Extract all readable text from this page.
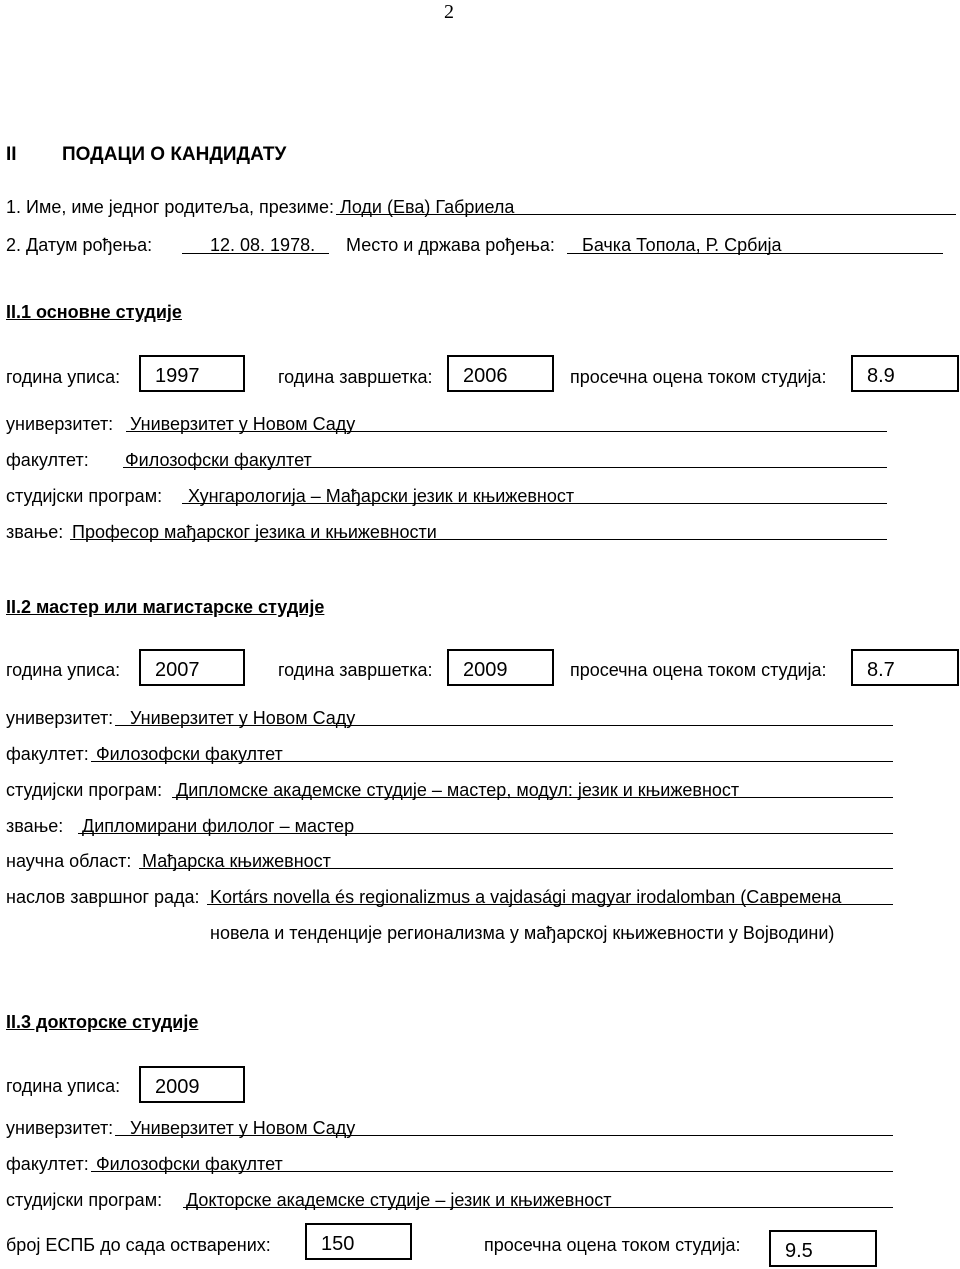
2
II ПОДАЦИ О КАНДИДАТУ
1. Име, име једног родитеља, презиме: Лоди (Ева) Габриела
2. Датум рођења:	12. 08. 1978. Место и држава рођења: Бачка Топола, Р. Србија
II.1 основне студије
година уписа: 1997	година завршетка: 2006	просечна оцена током студија: 8.9
универзитет: Универзитет у Новом Саду
факултет: Филозофски факултет
студијски програм: Хунгарологија – Мађарски језик и књижевност
звање: Професор мађарског језика и књижевности
II.2 мастер или магистарске студије
година уписа: 2007	година завршетка: 2009	просечна оцена током студија: 8.7
универзитет: Универзитет у Новом Саду
факултет: Филозофски факултет
студијски програм: Дипломске академске студије – мастер, модул: језик и књижевност
звање: Дипломирани филолог – мастер
научна област: Мађарска књижевност
наслов завршног рада: Kortárs novella és regionalizmus a vajdasági magyar irodalomban (Савремена
новела и тенденције регионализма у мађарској књижевности у Војводини)
II.3 докторске студије
година уписа: 2009
универзитет: Универзитет у Новом Саду
факултет: Филозофски факултет
студијски програм: Докторске академске студије – језик и књижевност
број ЕСПБ до сада остварених:	150	просечна оцена током студија: 9.5
